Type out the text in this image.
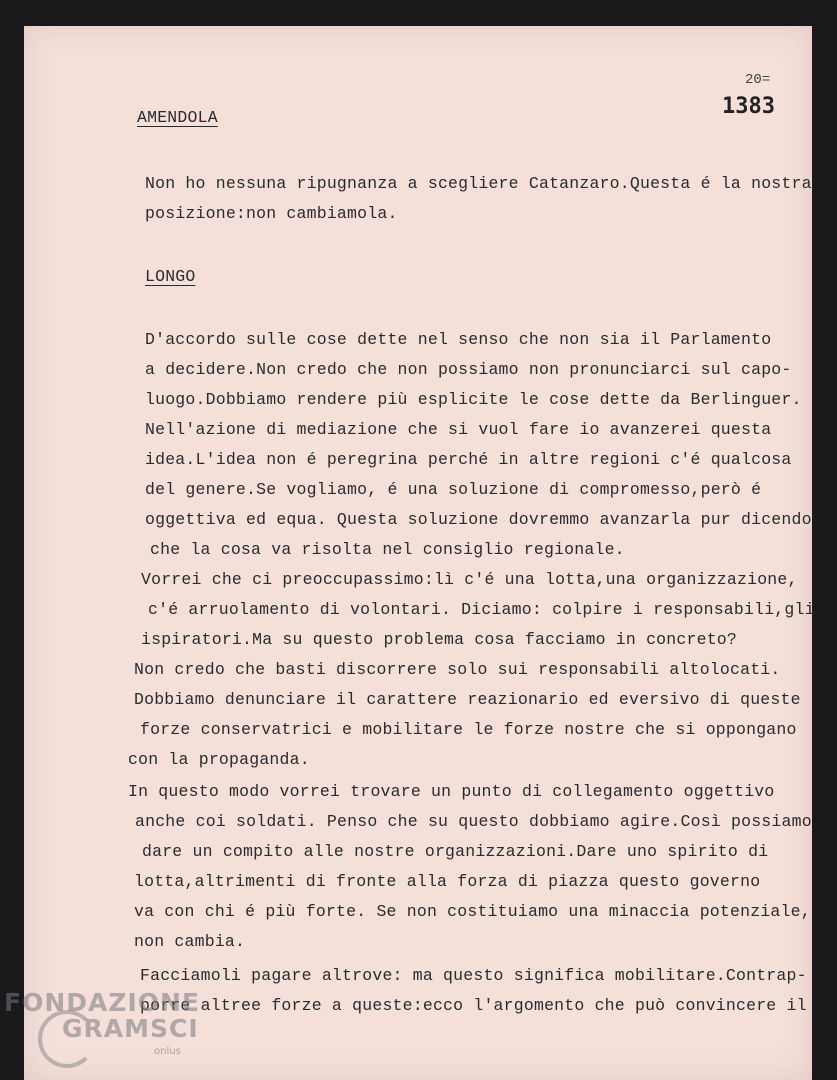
20=
1383
AMENDOLA
Non ho nessuna ripugnanza a scegliere Catanzaro.Questa é la nostra
posizione:non cambiamola.
LONGO
D'accordo sulle cose dette nel senso che non sia il Parlamento
a decidere.Non credo che non possiamo non pronunciarci sul capo-
luogo.Dobbiamo rendere più esplicite le cose dette da Berlinguer.
Nell'azione di mediazione che si vuol fare io avanzerei questa
idea.L'idea non é peregrina perché in altre regioni c'é qualcosa
del genere.Se vogliamo, é una soluzione di compromesso,però é
oggettiva ed equa. Questa soluzione dovremmo avanzarla pur dicendo
che la cosa va risolta nel consiglio regionale.
Vorrei che ci preoccupassimo:lì c'é una lotta,una organizzazione,
c'é arruolamento di volontari. Diciamo: colpire i responsabili,gli
ispiratori.Ma su questo problema cosa facciamo in concreto?
Non credo che basti discorrere solo sui responsabili altolocati.
Dobbiamo denunciare il carattere reazionario ed eversivo di queste
forze conservatrici e mobilitare le forze nostre che si oppongano
con la propaganda.
In questo modo vorrei trovare un punto di collegamento oggettivo
anche coi soldati. Penso che su questo dobbiamo agire.Così possiamo
dare un compito alle nostre organizzazioni.Dare uno spirito di
lotta,altrimenti di fronte alla forza di piazza questo governo
va con chi é più forte. Se non costituiamo una minaccia potenziale,
non cambia.
Facciamoli pagare altrove: ma questo significa mobilitare.Contrap-
porre altree forze a queste:ecco l'argomento che può convincere il
FONDAZIONE
GRAMSCI
onlus
